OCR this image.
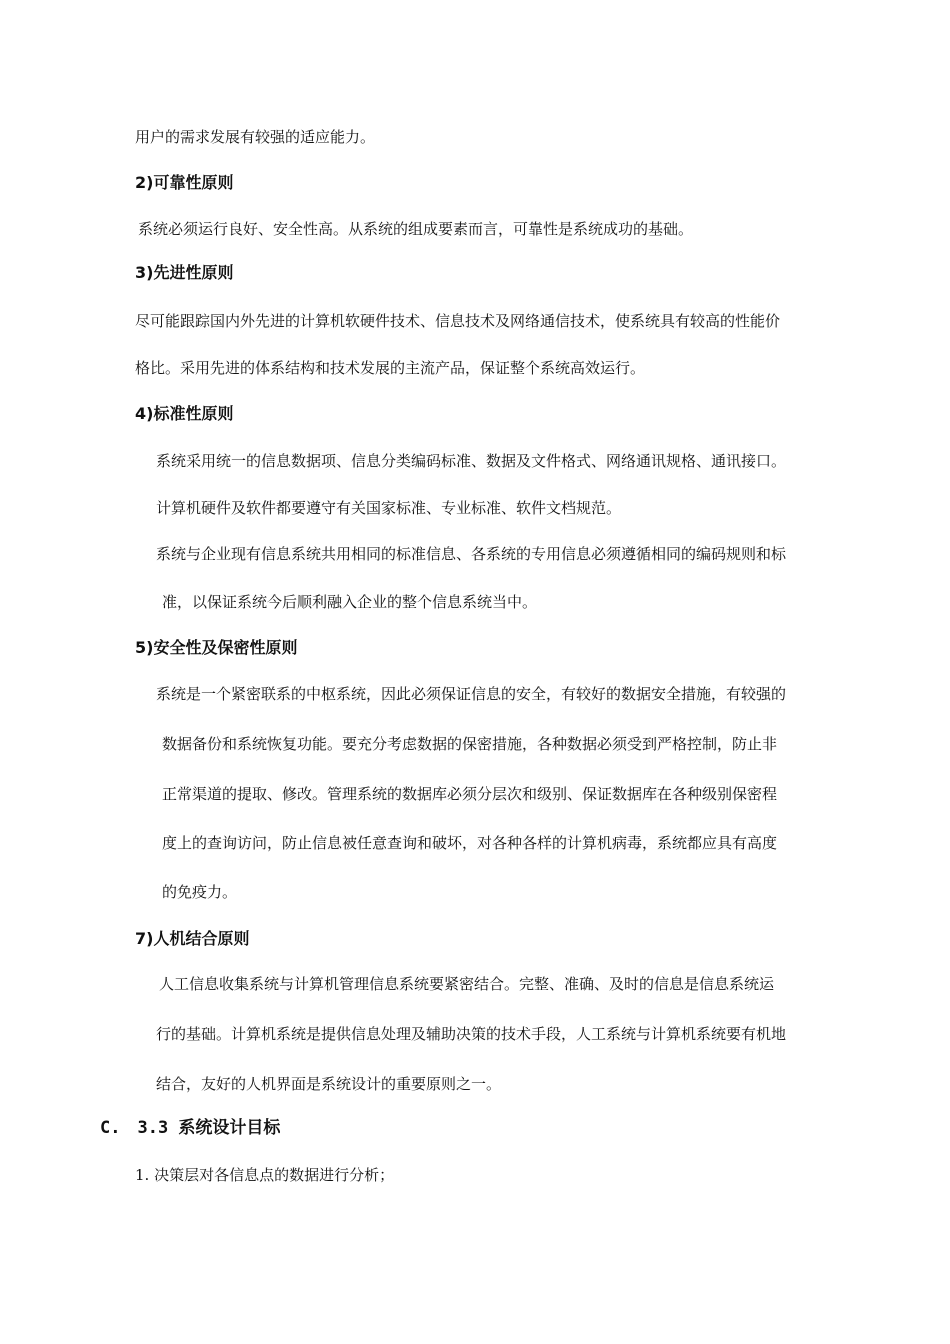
用户的需求发展有较强的适应能力。
2)可靠性原则
系统必须运行良好、安全性高。从系统的组成要素而言，可靠性是系统成功的基础。
3)先进性原则
尽可能跟踪国内外先进的计算机软硬件技术、信息技术及网络通信技术，使系统具有较高的性能价
格比。采用先进的体系结构和技术发展的主流产品，保证整个系统高效运行。
4)标准性原则
系统采用统一的信息数据项、信息分类编码标准、数据及文件格式、网络通讯规格、通讯接口。
计算机硬件及软件都要遵守有关国家标准、专业标准、软件文档规范。
系统与企业现有信息系统共用相同的标准信息、各系统的专用信息必须遵循相同的编码规则和标
准，以保证系统今后顺利融入企业的整个信息系统当中。
5)安全性及保密性原则
系统是一个紧密联系的中枢系统，因此必须保证信息的安全，有较好的数据安全措施，有较强的
数据备份和系统恢复功能。要充分考虑数据的保密措施，各种数据必须受到严格控制，防止非
正常渠道的提取、修改。管理系统的数据库必须分层次和级别、保证数据库在各种级别保密程
度上的查询访问，防止信息被任意查询和破坏，对各种各样的计算机病毒，系统都应具有高度
的免疫力。
7)人机结合原则
人工信息收集系统与计算机管理信息系统要紧密结合。完整、准确、及时的信息是信息系统运
行的基础。计算机系统是提供信息处理及辅助决策的技术手段，人工系统与计算机系统要有机地
结合，友好的人机界面是系统设计的重要原则之一。
C.　3.3 系统设计目标
1. 决策层对各信息点的数据进行分析；
